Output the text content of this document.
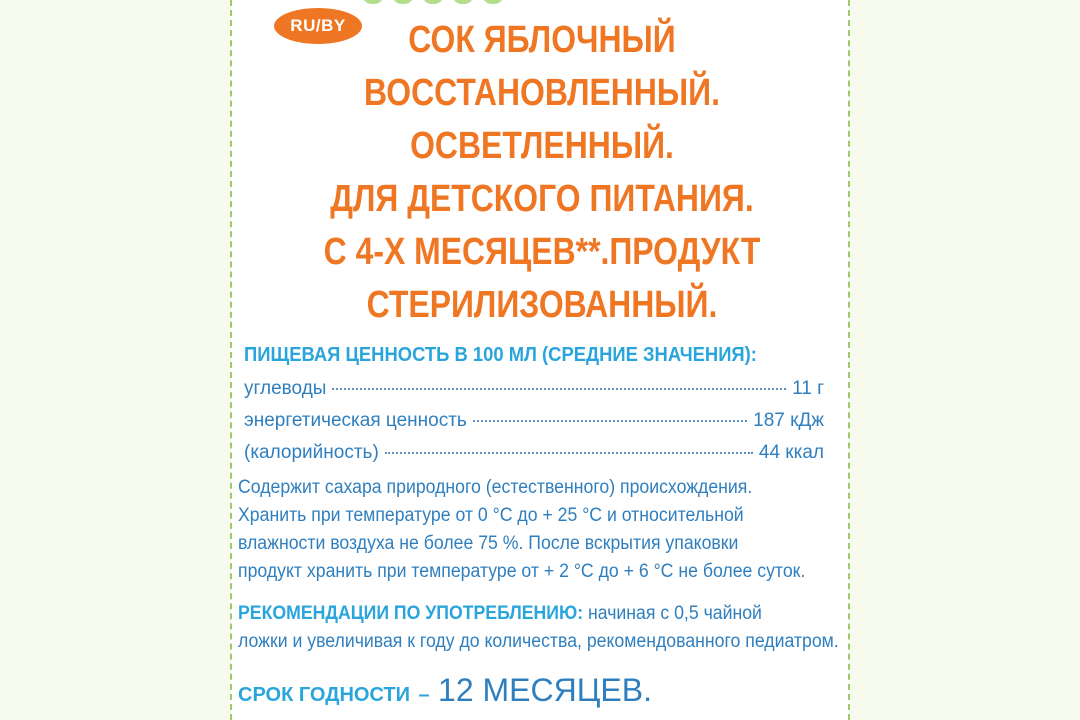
RU/BY	СОК ЯБЛОЧНЫЙ
ВОССТАНОВЛЕННЫЙ.
ОСВЕТЛЕННЫЙ.
ДЛЯ ДЕТСКОГО ПИТАНИЯ.
С 4-Х МЕСЯЦЕВ**.ПРОДУКТ
СТЕРИЛИЗОВАННЫЙ.
ПИЩЕВАЯ ЦЕННОСТЬ В 100 МЛ (СРЕДНИЕ ЗНАЧЕНИЯ):
углеводы	11 г
энергетическая ценность	187 кДж
(калорийность)	44 ккал
Содержит сахара природного (естественного) происхождения.
Хранить при температуре от 0 °С до + 25 °С и относительной
влажности воздуха не более 75 %. После вскрытия упаковки
продукт хранить при температуре от + 2 °С до + 6 °С не более суток.
РЕКОМЕНДАЦИИ ПО УПОТРЕБЛЕНИЮ: начиная с 0,5 чайной
ложки и увеличивая к году до количества, рекомендованного педиатром.
СРОК ГОДНОСТИ – 12 МЕСЯЦЕВ.
